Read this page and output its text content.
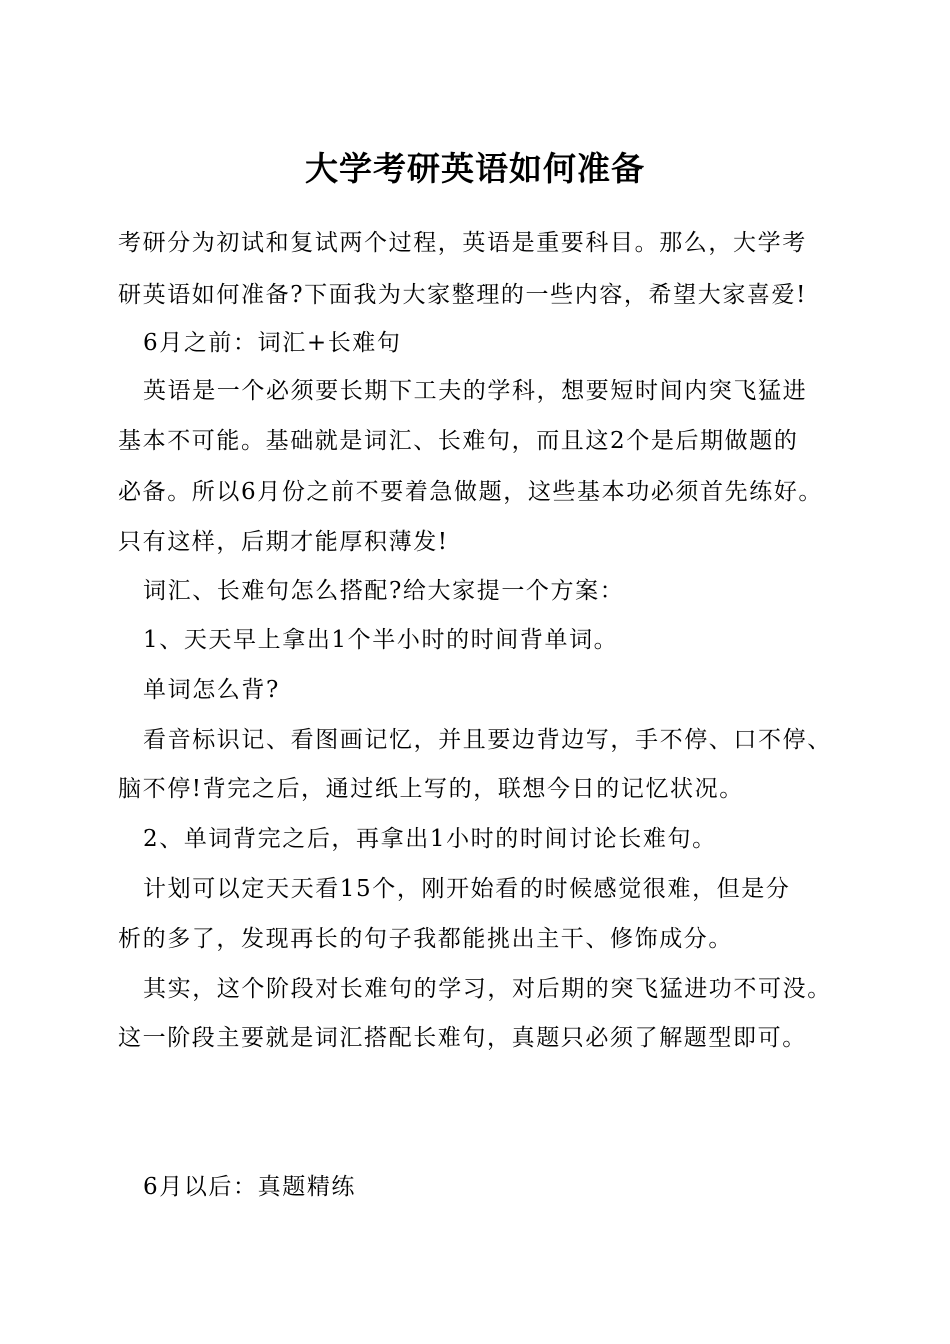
大学考研英语如何准备
考研分为初试和复试两个过程，英语是重要科目。那么，大学考
研英语如何准备?下面我为大家整理的一些内容，希望大家喜爱!
6月之前：词汇+长难句
英语是一个必须要长期下工夫的学科，想要短时间内突飞猛进
基本不可能。基础就是词汇、长难句，而且这2个是后期做题的
必备。所以6月份之前不要着急做题，这些基本功必须首先练好。
只有这样，后期才能厚积薄发!
词汇、长难句怎么搭配?给大家提一个方案：
1、天天早上拿出1个半小时的时间背单词。
单词怎么背?
看音标识记、看图画记忆，并且要边背边写，手不停、口不停、
脑不停!背完之后，通过纸上写的，联想今日的记忆状况。
2、单词背完之后，再拿出1小时的时间讨论长难句。
计划可以定天天看15个，刚开始看的时候感觉很难，但是分
析的多了，发现再长的句子我都能挑出主干、修饰成分。
其实，这个阶段对长难句的学习，对后期的突飞猛进功不可没。
这一阶段主要就是词汇搭配长难句，真题只必须了解题型即可。
6月以后：真题精练
